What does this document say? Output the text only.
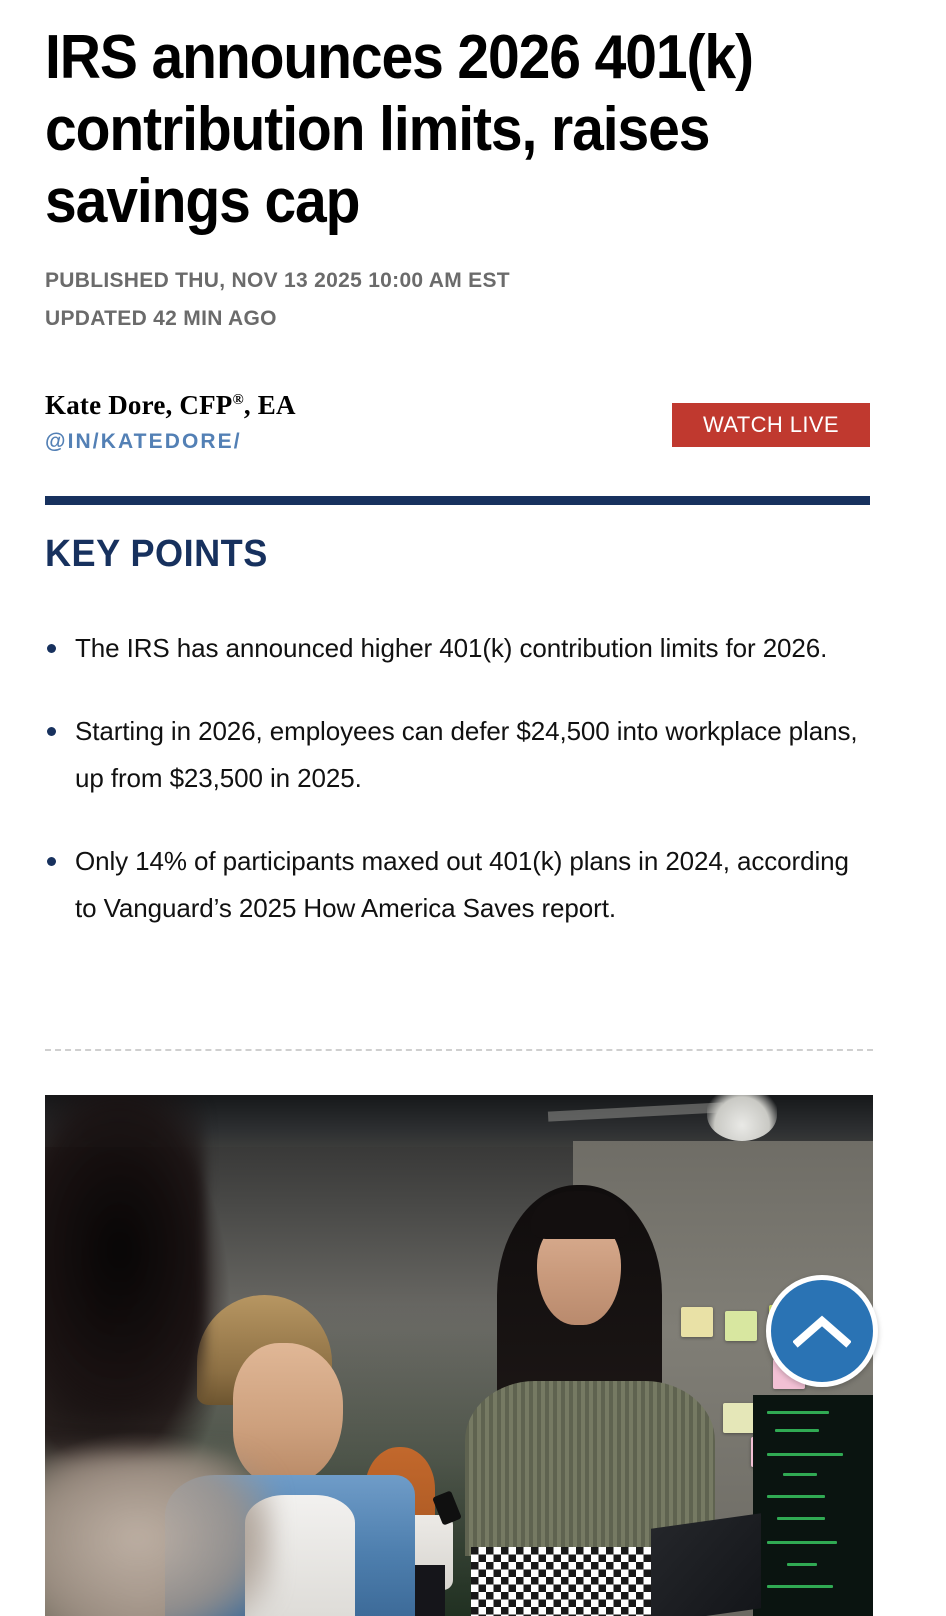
IRS announces 2026 401(k) contribution limits, raises savings cap
PUBLISHED THU, NOV 13 2025 10:00 AM EST
UPDATED 42 MIN AGO
Kate Dore, CFP®, EA
@IN/KATEDORE/
WATCH LIVE
KEY POINTS
The IRS has announced higher 401(k) contribution limits for 2026.
Starting in 2026, employees can defer $24,500 into workplace plans, up from $23,500 in 2025.
Only 14% of participants maxed out 401(k) plans in 2024, according to Vanguard’s 2025 How America Saves report.
